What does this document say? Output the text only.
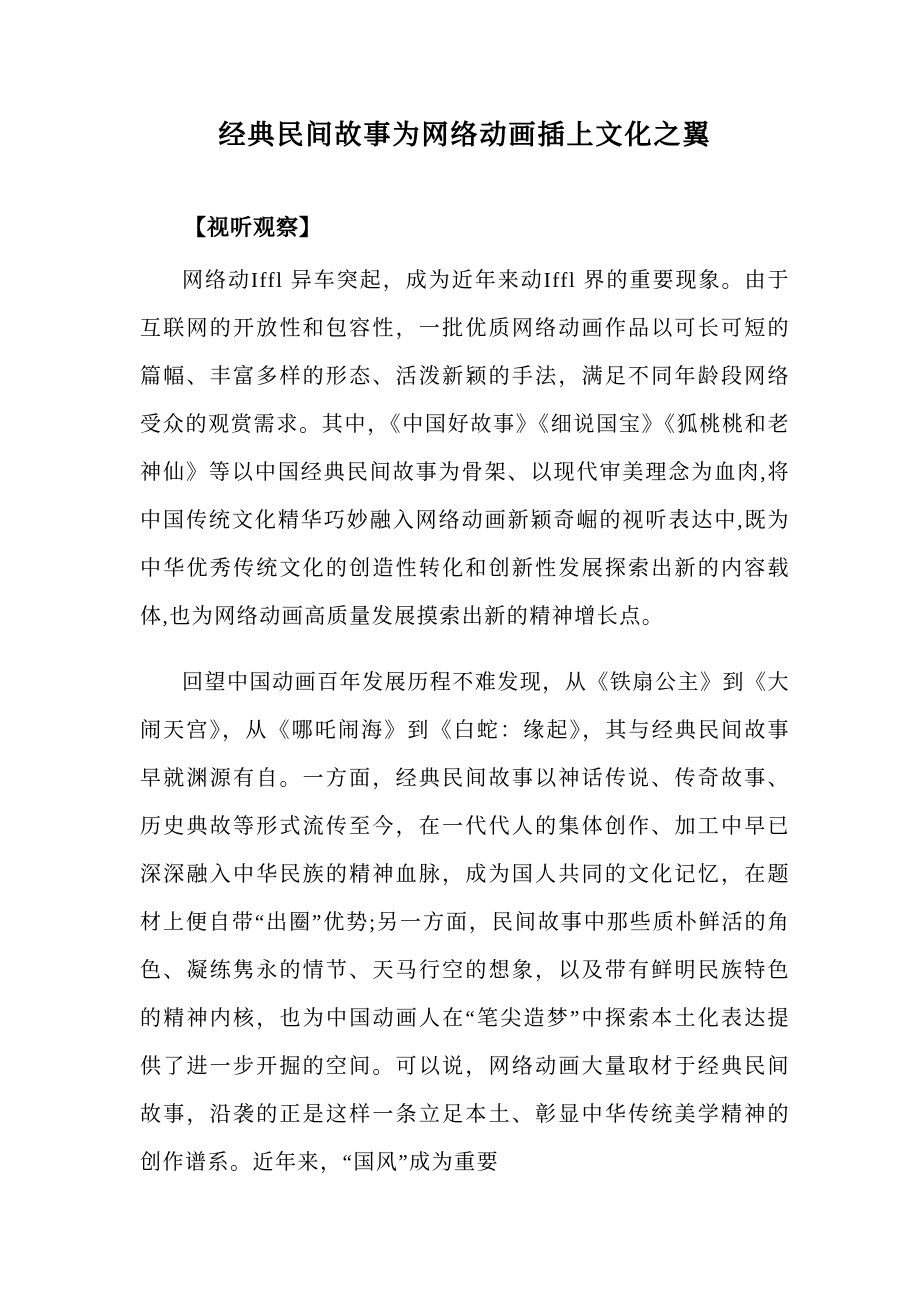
经典民间故事为网络动画插上文化之翼
【视听观察】

网络动Iffl 异车突起，成为近年来动Iffl 界的重要现象。由于互联网的开放性和包容性，一批优质网络动画作品以可长可短的篇幅、丰富多样的形态、活泼新颖的手法，满足不同年龄段网络受众的观赏需求。其中，《中国好故事》《细说国宝》《狐桃桃和老神仙》等以中国经典民间故事为骨架、以现代审美理念为血肉,将中国传统文化精华巧妙融入网络动画新颖奇崛的视听表达中,既为中华优秀传统文化的创造性转化和创新性发展探索出新的内容载体,也为网络动画高质量发展摸索出新的精神增长点。

回望中国动画百年发展历程不难发现，从《铁扇公主》到《大闹天宫》，从《哪吒闹海》到《白蛇：缘起》，其与经典民间故事早就渊源有自。一方面，经典民间故事以神话传说、传奇故事、历史典故等形式流传至今，在一代代人的集体创作、加工中早已深深融入中华民族的精神血脉，成为国人共同的文化记忆，在题材上便自带“出圈”优势;另一方面，民间故事中那些质朴鲜活的角色、凝练隽永的情节、天马行空的想象，以及带有鲜明民族特色的精神内核，也为中国动画人在“笔尖造梦”中探索本土化表达提供了进一步开掘的空间。可以说，网络动画大量取材于经典民间故事，沿袭的正是这样一条立足本土、彰显中华传统美学精神的创作谱系。近年来，“国风”成为重要
